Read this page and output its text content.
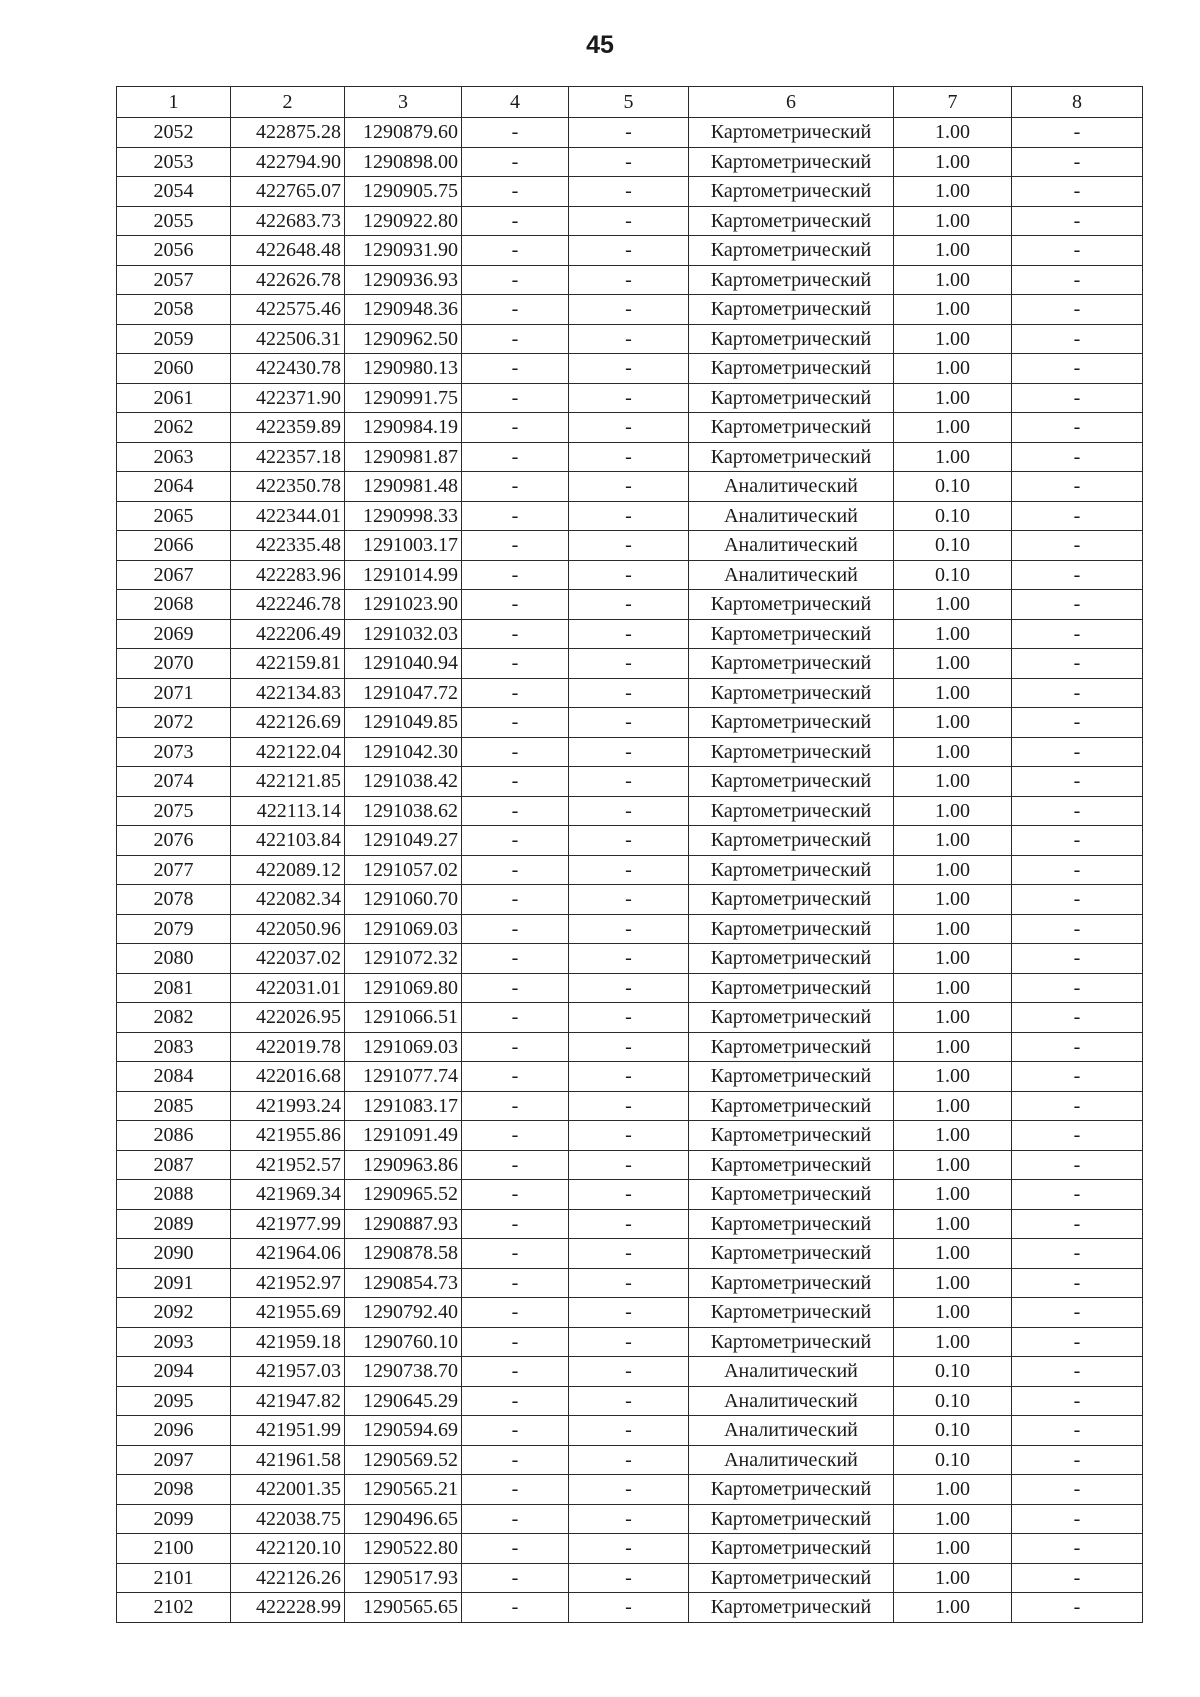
45
1	2	3	4	5	6	7	8
2052	422875.28	1290879.60	-	-	Картометрический	1.00	-
2053	422794.90	1290898.00	-	-	Картометрический	1.00	-
2054	422765.07	1290905.75	-	-	Картометрический	1.00	-
2055	422683.73	1290922.80	-	-	Картометрический	1.00	-
2056	422648.48	1290931.90	-	-	Картометрический	1.00	-
2057	422626.78	1290936.93	-	-	Картометрический	1.00	-
2058	422575.46	1290948.36	-	-	Картометрический	1.00	-
2059	422506.31	1290962.50	-	-	Картометрический	1.00	-
2060	422430.78	1290980.13	-	-	Картометрический	1.00	-
2061	422371.90	1290991.75	-	-	Картометрический	1.00	-
2062	422359.89	1290984.19	-	-	Картометрический	1.00	-
2063	422357.18	1290981.87	-	-	Картометрический	1.00	-
2064	422350.78	1290981.48	-	-	Аналитический	0.10	-
2065	422344.01	1290998.33	-	-	Аналитический	0.10	-
2066	422335.48	1291003.17	-	-	Аналитический	0.10	-
2067	422283.96	1291014.99	-	-	Аналитический	0.10	-
2068	422246.78	1291023.90	-	-	Картометрический	1.00	-
2069	422206.49	1291032.03	-	-	Картометрический	1.00	-
2070	422159.81	1291040.94	-	-	Картометрический	1.00	-
2071	422134.83	1291047.72	-	-	Картометрический	1.00	-
2072	422126.69	1291049.85	-	-	Картометрический	1.00	-
2073	422122.04	1291042.30	-	-	Картометрический	1.00	-
2074	422121.85	1291038.42	-	-	Картометрический	1.00	-
2075	422113.14	1291038.62	-	-	Картометрический	1.00	-
2076	422103.84	1291049.27	-	-	Картометрический	1.00	-
2077	422089.12	1291057.02	-	-	Картометрический	1.00	-
2078	422082.34	1291060.70	-	-	Картометрический	1.00	-
2079	422050.96	1291069.03	-	-	Картометрический	1.00	-
2080	422037.02	1291072.32	-	-	Картометрический	1.00	-
2081	422031.01	1291069.80	-	-	Картометрический	1.00	-
2082	422026.95	1291066.51	-	-	Картометрический	1.00	-
2083	422019.78	1291069.03	-	-	Картометрический	1.00	-
2084	422016.68	1291077.74	-	-	Картометрический	1.00	-
2085	421993.24	1291083.17	-	-	Картометрический	1.00	-
2086	421955.86	1291091.49	-	-	Картометрический	1.00	-
2087	421952.57	1290963.86	-	-	Картометрический	1.00	-
2088	421969.34	1290965.52	-	-	Картометрический	1.00	-
2089	421977.99	1290887.93	-	-	Картометрический	1.00	-
2090	421964.06	1290878.58	-	-	Картометрический	1.00	-
2091	421952.97	1290854.73	-	-	Картометрический	1.00	-
2092	421955.69	1290792.40	-	-	Картометрический	1.00	-
2093	421959.18	1290760.10	-	-	Картометрический	1.00	-
2094	421957.03	1290738.70	-	-	Аналитический	0.10	-
2095	421947.82	1290645.29	-	-	Аналитический	0.10	-
2096	421951.99	1290594.69	-	-	Аналитический	0.10	-
2097	421961.58	1290569.52	-	-	Аналитический	0.10	-
2098	422001.35	1290565.21	-	-	Картометрический	1.00	-
2099	422038.75	1290496.65	-	-	Картометрический	1.00	-
2100	422120.10	1290522.80	-	-	Картометрический	1.00	-
2101	422126.26	1290517.93	-	-	Картометрический	1.00	-
2102	422228.99	1290565.65	-	-	Картометрический	1.00	-
